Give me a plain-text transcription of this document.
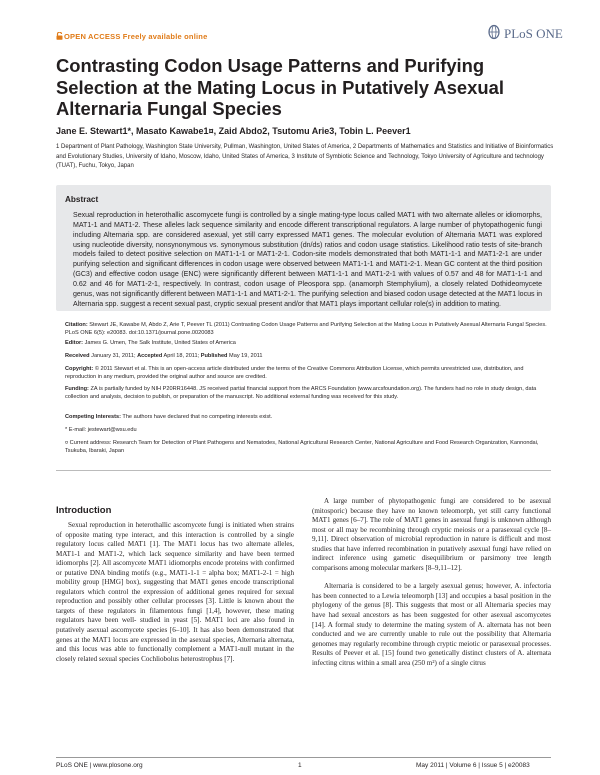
OPEN ACCESS Freely available online	PLoS ONE
Contrasting Codon Usage Patterns and Purifying Selection at the Mating Locus in Putatively Asexual Alternaria Fungal Species
Jane E. Stewart1*, Masato Kawabe1¤, Zaid Abdo2, Tsutomu Arie3, Tobin L. Peever1
1 Department of Plant Pathology, Washington State University, Pullman, Washington, United States of America, 2 Departments of Mathematics and Statistics and Initiative of Bioinformatics and Evolutionary Studies, University of Idaho, Moscow, Idaho, United States of America, 3 Institute of Symbiotic Science and Technology, Tokyo University of Agriculture and technology (TUAT), Fuchu, Tokyo, Japan
Abstract

Sexual reproduction in heterothallic ascomycete fungi is controlled by a single mating-type locus called MAT1 with two alternate alleles or idiomorphs, MAT1-1 and MAT1-2. These alleles lack sequence similarity and encode different transcriptional regulators. A large number of phytopathogenic fungi including Alternaria spp. are considered asexual, yet still carry expressed MAT1 genes. The molecular evolution of Alternaria MAT1 was explored using nucleotide diversity, nonsynonymous vs. synonymous substitution (dn/ds) ratios and codon usage statistics. Likelihood ratio tests of site-branch models failed to detect positive selection on MAT1-1-1 or MAT1-2-1. Codon-site models demonstrated that both MAT1-1-1 and MAT1-2-1 are under purifying selection and significant differences in codon usage were observed between MAT1-1-1 and MAT1-2-1. Mean GC content at the third position (GC3) and effective codon usage (ENC) were significantly different between MAT1-1-1 and MAT1-2-1 with values of 0.57 and 48 for MAT1-1-1 and 0.62 and 46 for MAT1-2-1, respectively. In contrast, codon usage of Pleospora spp. (anamorph Stemphylium), a closely related Dothideomycete genus, was not significantly different between MAT1-1-1 and MAT1-2-1. The purifying selection and biased codon usage detected at the MAT1 locus in Alternaria spp. suggest a recent sexual past, cryptic sexual present and/or that MAT1 plays important cellular role(s) in addition to mating.

Citation: Stewart JE, Kawabe M, Abdo Z, Arie T, Peever TL (2011) Contrasting Codon Usage Patterns and Purifying Selection at the Mating Locus in Putatively Asexual Alternaria Fungal Species. PLoS ONE 6(5): e20083. doi:10.1371/journal.pone.0020083
Editor: James G. Umen, The Salk Institute, United States of America
Received January 31, 2011; Accepted April 18, 2011; Published May 19, 2011
Copyright: © 2011 Stewart et al. This is an open-access article distributed under the terms of the Creative Commons Attribution License, which permits unrestricted use, distribution, and reproduction in any medium, provided the original author and source are credited.
Funding: ZA is partially funded by NIH P20RR16448. JS received partial financial support from the ARCS Foundation (www.arcsfoundation.org). The funders had no role in study design, data collection and analysis, decision to publish, or preparation of the manuscript. No additional external funding was received for this study.
Competing Interests: The authors have declared that no competing interests exist.
* E-mail: jestewart@wsu.edu
¤ Current address: Research Team for Detection of Plant Pathogens and Nematodes, National Agricultural Research Center, National Agriculture and Food Research Organization, Kannondai, Tsukuba, Ibaraki, Japan
Introduction

Sexual reproduction in heterothallic ascomycete fungi is initiated when strains of opposite mating type interact, and this interaction is controlled by a single regulatory locus called MAT1 [1]. The MAT1 locus has two alternate alleles, MAT1-1 and MAT1-2, which lack sequence similarity and have been termed idiomorphs [2]. All ascomycete MAT1 idiomorphs encode proteins with confirmed or putative DNA binding motifs (e.g., MAT1-1-1 = alpha box; MAT1-2-1 = high mobility group [HMG] box), suggesting that MAT1 genes encode transcriptional regulators which control the expression of additional genes required for sexual reproduction and possibly other cellular processes [3]. Little is known about the targets of these regulators in filamentous fungi [1,4], however, these mating regulators have been well- studied in yeast [5]. MAT1 loci are also found in putatively asexual ascomycete species [6–10]. It has also been demonstrated that genes at the MAT1 locus are expressed in the asexual species, Alternaria alternata, and this locus was able to functionally complement a MAT1-null mutant in the closely related sexual species Cochliobolus heterostrophus [7].

A large number of phytopathogenic fungi are considered to be asexual (mitosporic) because they have no known teleomorph, yet still carry functional MAT1 genes [6–7]. The role of MAT1 genes in asexual fungi is unknown although most or all may be recombining through cryptic meiosis or a parasexual cycle [8–9,11]. Direct observation of microbial reproduction in nature is difficult and most studies that have inferred recombination in putatively asexual fungi have relied on indirect inference using gametic disequilibrium or parsimony tree length comparisons among molecular markers [8–9,11–12].

Alternaria is considered to be a largely asexual genus; however, A. infectoria has been connected to a Lewia teleomorph [13] and occupies a basal position in the phylogeny of the genus [8]. This suggests that most or all Alternaria species may have had sexual ancestors as has been suggested for other asexual ascomycetes [14]. A formal study to determine the mating system of A. alternata has not been conducted and we are currently unable to rule out the possibility that Alternaria genomes may regularly recombine through cryptic meiotic or parasexual processes. Results of Peever et al. [15] found two genetically distinct clusters of A. alternata infecting citrus within a small area (250 m²) of a single citrus

PLoS ONE | www.plosone.org	1	May 2011 | Volume 6 | Issue 5 | e20083
